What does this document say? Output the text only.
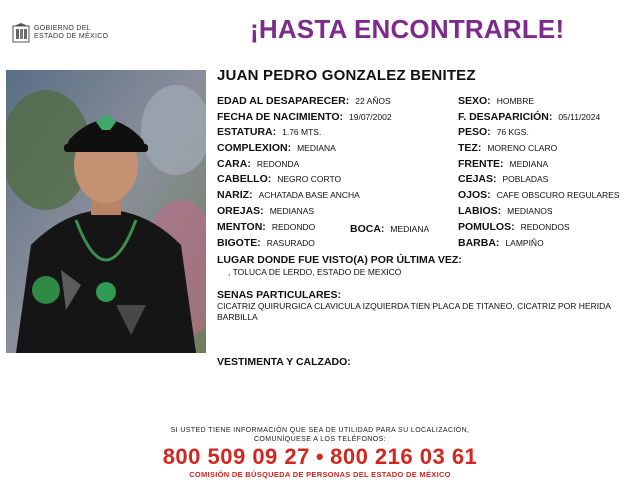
GOBIERNO DEL
ESTADO DE MÉXICO	¡HASTA ENCONTRARLE!
JUAN PEDRO GONZALEZ BENITEZ
EDAD AL DESAPARECER: 22 AÑOS
FECHA DE NACIMIENTO: 19/07/2002
ESTATURA: 1.76 MTS.
COMPLEXION: MEDIANA
CARA: REDONDA
CABELLO: NEGRO CORTO
NARIZ: ACHATADA BASE ANCHA
OREJAS: MEDIANAS
MENTON: REDONDO	BOCA: MEDIANA
BIGOTE: RASURADO
SEXO: HOMBRE
F. DESAPARICIÓN: 05/11/2024
PESO: 76 KGS.
TEZ: MORENO CLARO
FRENTE: MEDIANA
CEJAS: POBLADAS
OJOS: CAFE OBSCURO REGULARES
LABIOS: MEDIANOS
POMULOS: REDONDOS
BARBA: LAMPIÑO
LUGAR DONDE FUE VISTO(A) POR ÚLTIMA VEZ:
, TOLUCA DE LERDO, ESTADO DE MEXICO
SENAS PARTICULARES:
CICATRIZ QUIRURGICA CLAVICULA IZQUIERDA TIEN PLACA DE TITANEO, CICATRIZ POR HERIDA BARBILLA
VESTIMENTA Y CALZADO:
SI USTED TIENE INFORMACIÓN QUE SEA DE UTILIDAD PARA SU LOCALIZACIÓN,
COMUNÍQUESE A LOS TELÉFONOS:
800 509 09 27 • 800 216 03 61
COMISIÓN DE BÚSQUEDA DE PERSONAS DEL ESTADO DE MÉXICO
